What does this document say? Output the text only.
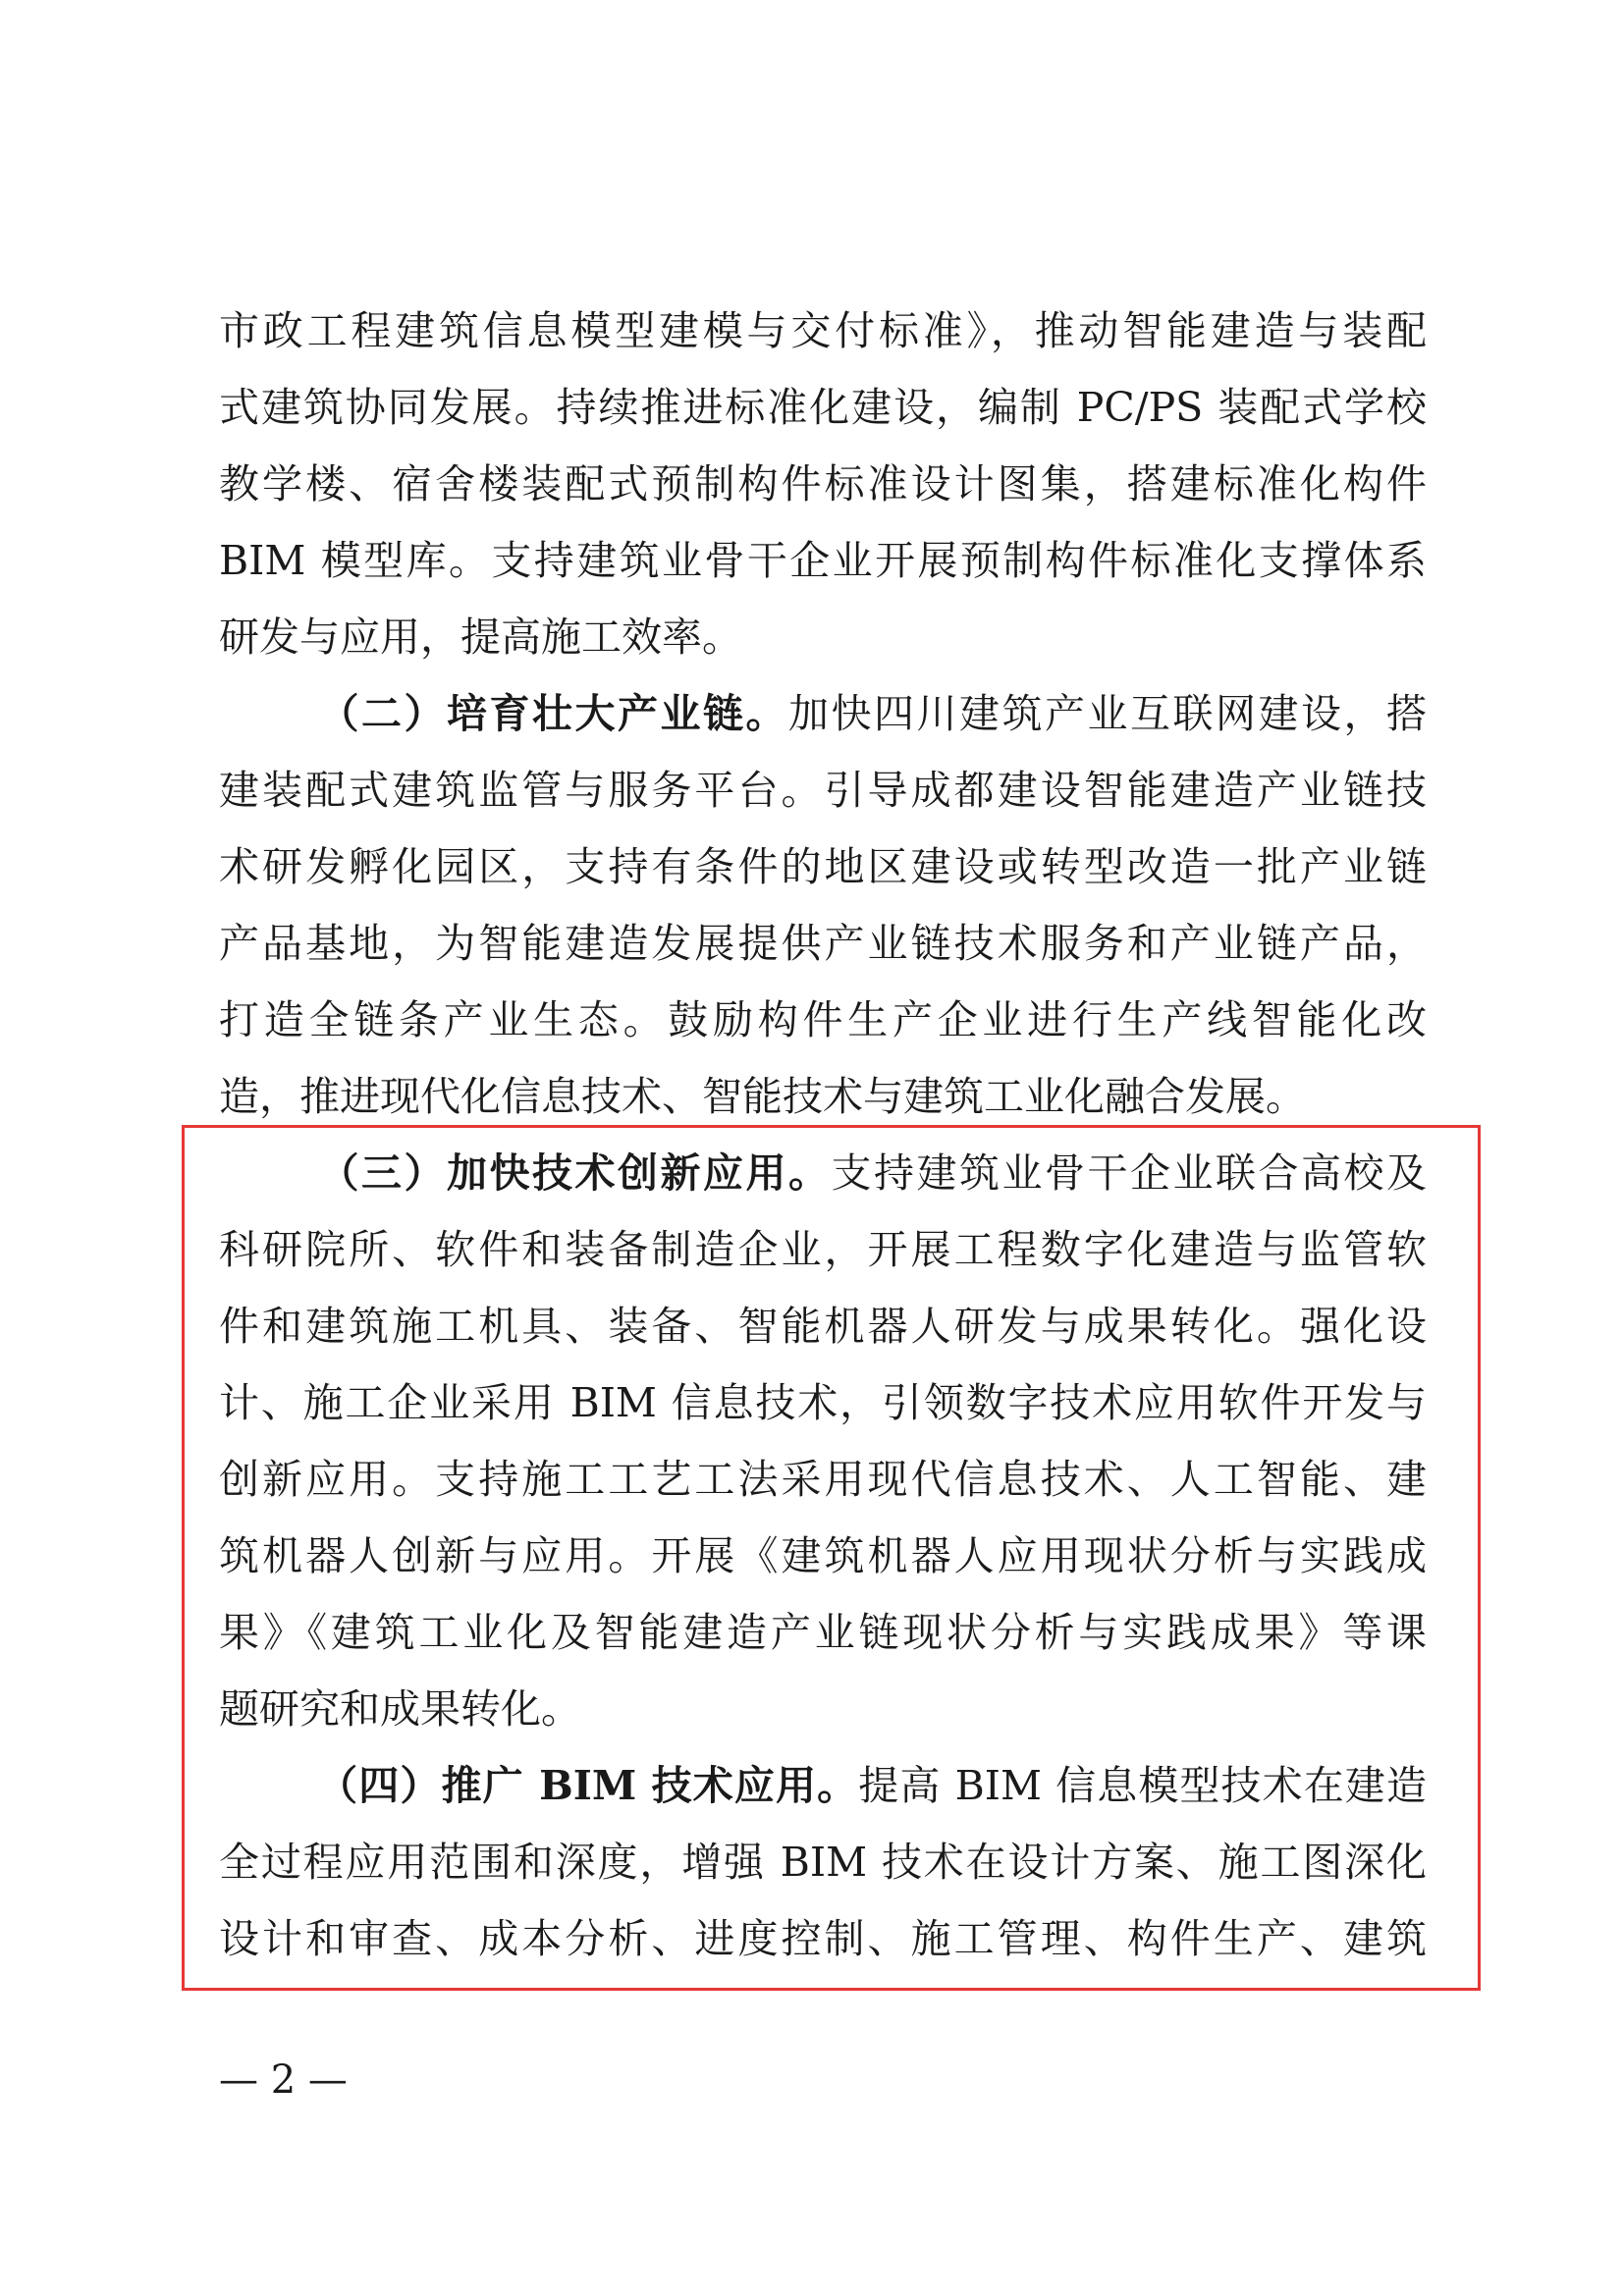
市政工程建筑信息模型建模与交付标准》，推动智能建造与装配
式建筑协同发展。持续推进标准化建设，编制 PC/PS 装配式学校
教学楼、宿舍楼装配式预制构件标准设计图集，搭建标准化构件
BIM 模型库。支持建筑业骨干企业开展预制构件标准化支撑体系
研发与应用，提高施工效率。
（二）培育壮大产业链。加快四川建筑产业互联网建设，搭
建装配式建筑监管与服务平台。引导成都建设智能建造产业链技
术研发孵化园区，支持有条件的地区建设或转型改造一批产业链
产品基地，为智能建造发展提供产业链技术服务和产业链产品，
打造全链条产业生态。鼓励构件生产企业进行生产线智能化改
造，推进现代化信息技术、智能技术与建筑工业化融合发展。
（三）加快技术创新应用。支持建筑业骨干企业联合高校及
科研院所、软件和装备制造企业，开展工程数字化建造与监管软
件和建筑施工机具、装备、智能机器人研发与成果转化。强化设
计、施工企业采用 BIM 信息技术，引领数字技术应用软件开发与
创新应用。支持施工工艺工法采用现代信息技术、人工智能、建
筑机器人创新与应用。开展《建筑机器人应用现状分析与实践成
果》《建筑工业化及智能建造产业链现状分析与实践成果》等课
题研究和成果转化。
（四）推广 BIM 技术应用。提高 BIM 信息模型技术在建造
全过程应用范围和深度，增强 BIM 技术在设计方案、施工图深化
设计和审查、成本分析、进度控制、施工管理、构件生产、建筑
— 2 —
